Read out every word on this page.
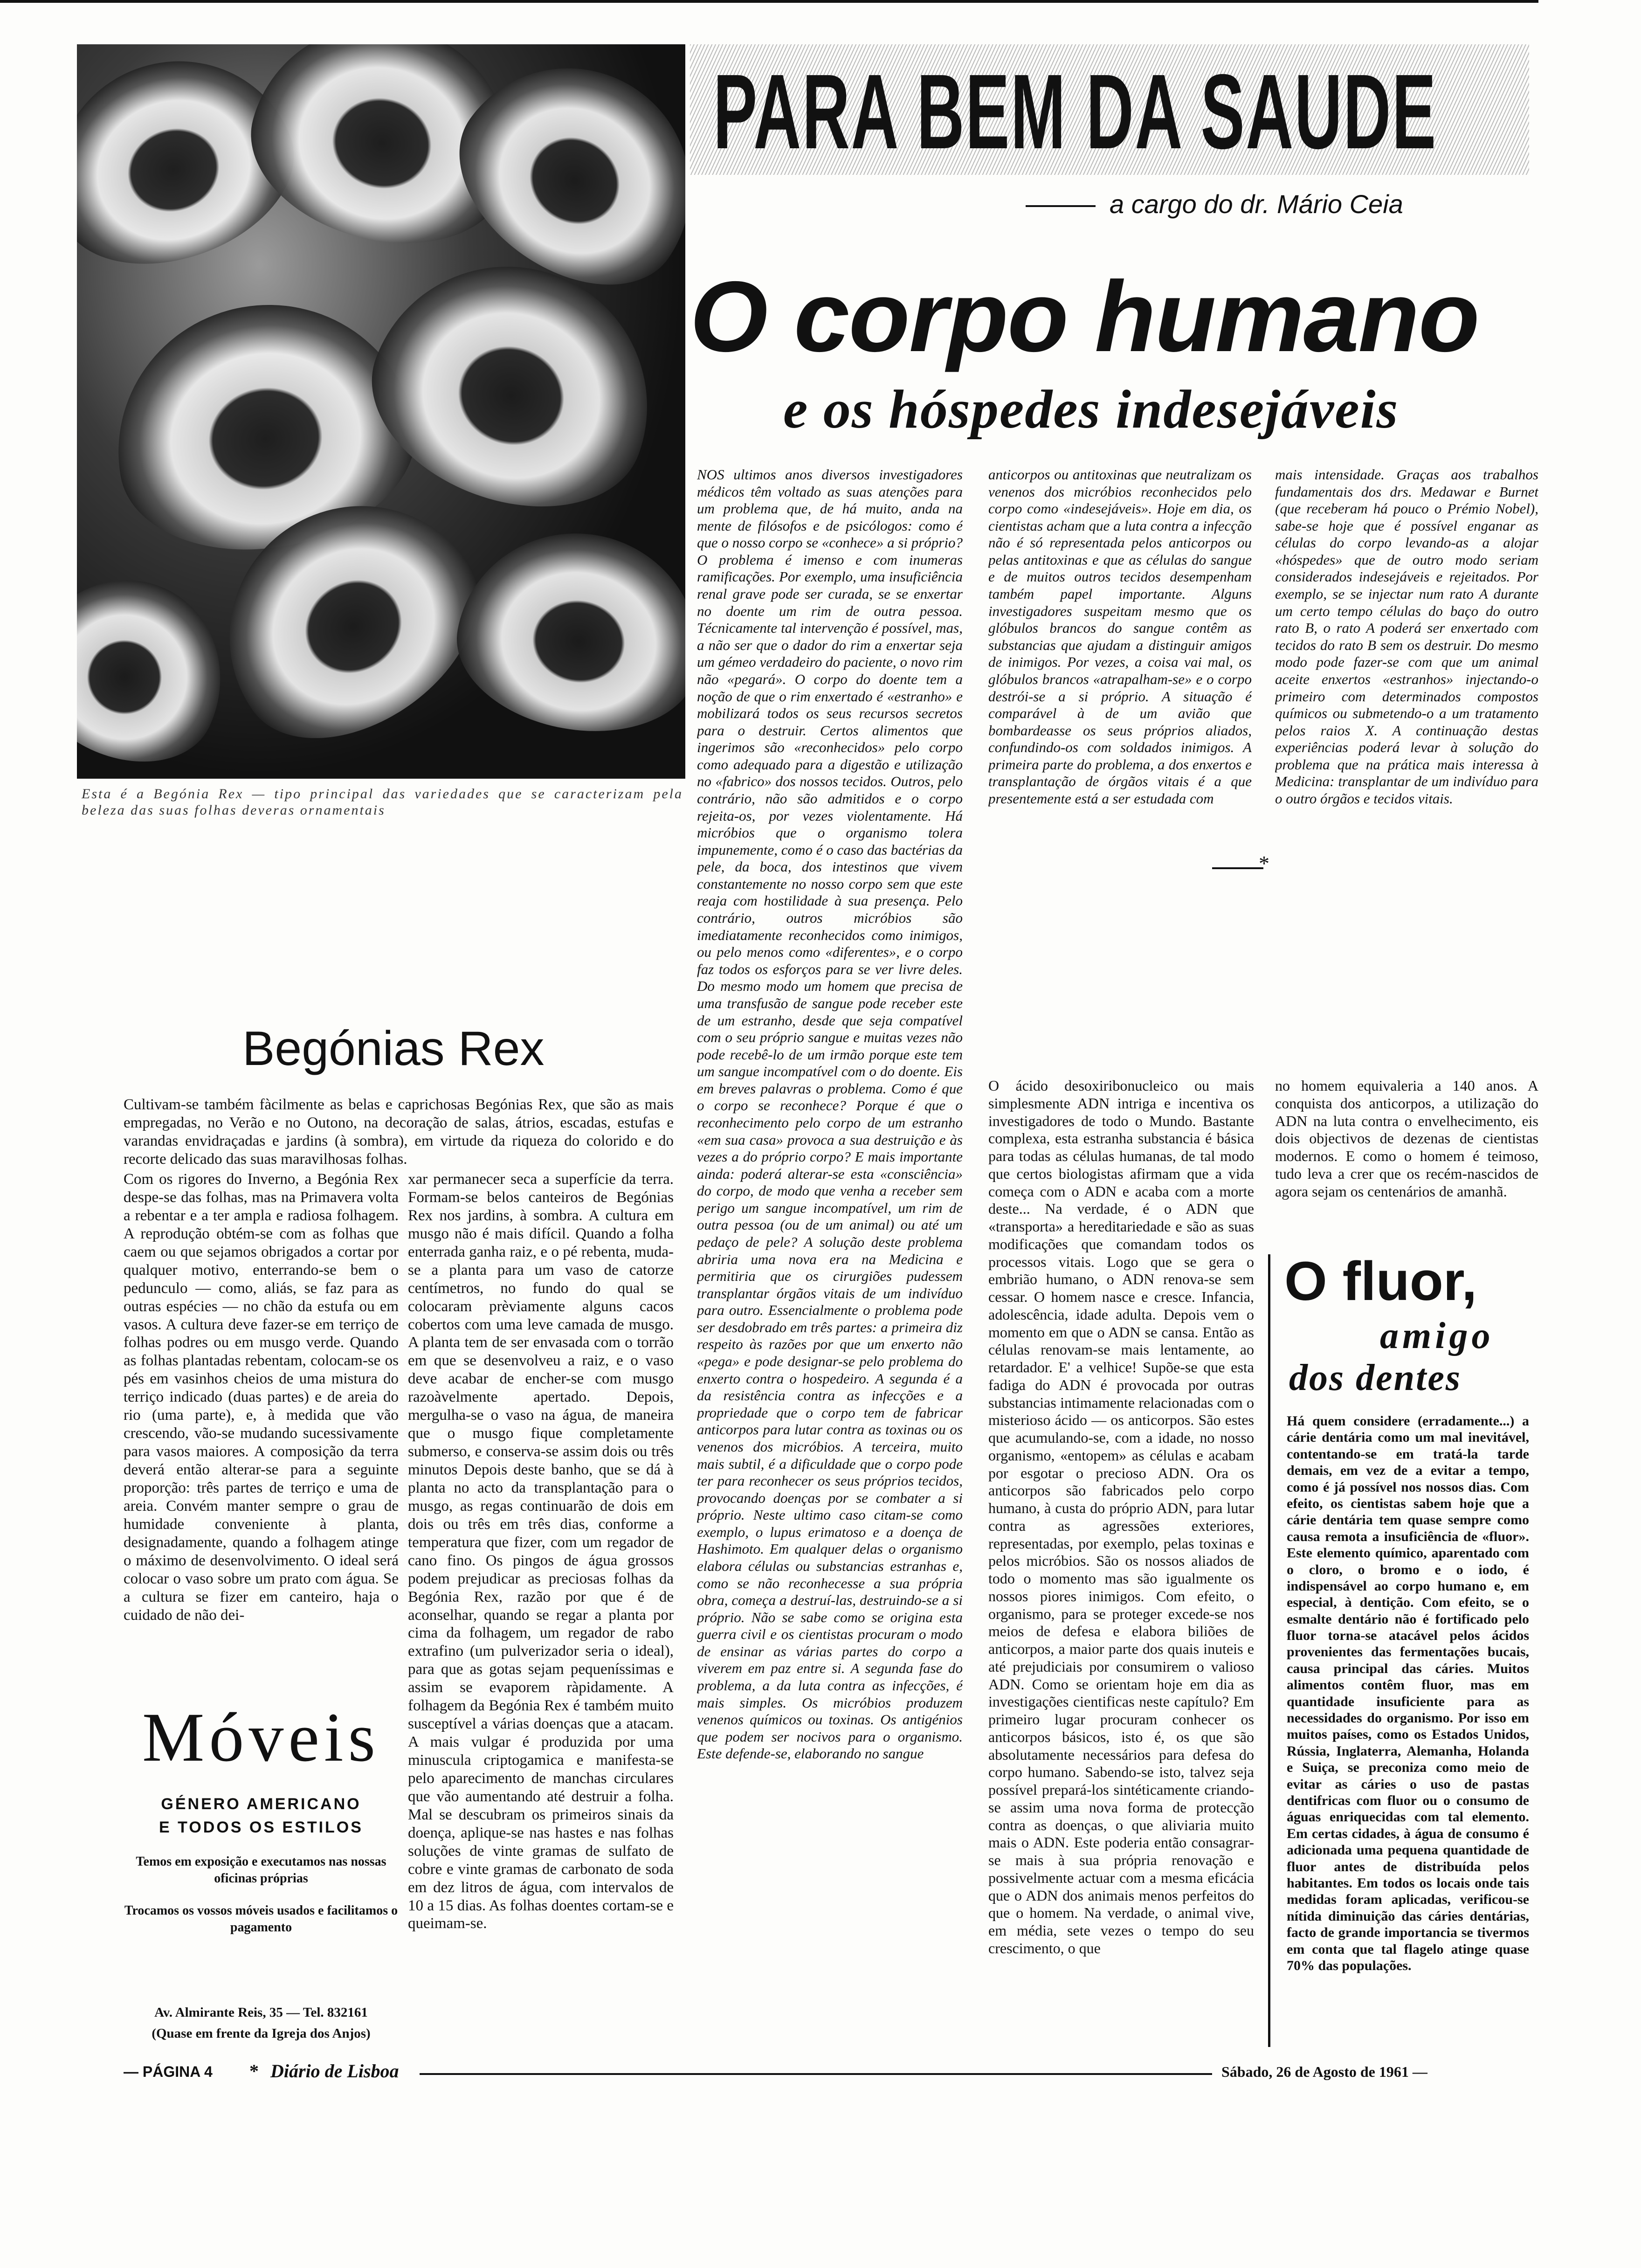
Esta é a Begónia Rex — tipo principal das variedades que se caracterizam pela beleza das suas folhas deveras ornamentais
PARA BEM DA SAUDE
a cargo do dr. Mário Ceia
O corpo humano
e os hóspedes indesejáveis
NOS ultimos anos diversos investigadores médicos têm voltado as suas atenções para um problema que, de há muito, anda na mente de filósofos e de psicólogos: como é que o nosso corpo se «conhece» a si próprio? O problema é imenso e com inumeras ramificações. Por exemplo, uma insuficiência renal grave pode ser curada, se se enxertar no doente um rim de outra pessoa. Técnicamente tal intervenção é possível, mas, a não ser que o dador do rim a enxertar seja um gémeo verdadeiro do paciente, o novo rim não «pegará». O corpo do doente tem a noção de que o rim enxertado é «estranho» e mobilizará todos os seus recursos secretos para o destruir. Certos alimentos que ingerimos são «reconhecidos» pelo corpo como adequado para a digestão e utilização no «fabrico» dos nossos tecidos. Outros, pelo contrário, não são admitidos e o corpo rejeita-os, por vezes violentamente. Há micróbios que o organismo tolera impunemente, como é o caso das bactérias da pele, da boca, dos intestinos que vivem constantemente no nosso corpo sem que este reaja com hostilidade à sua presença. Pelo contrário, outros micróbios são imediatamente reconhecidos como inimigos, ou pelo menos como «diferentes», e o corpo faz todos os esforços para se ver livre deles. Do mesmo modo um homem que precisa de uma transfusão de sangue pode receber este de um estranho, desde que seja compatível com o seu próprio sangue e muitas vezes não pode recebê-lo de um irmão porque este tem um sangue incompatível com o do doente. Eis em breves palavras o problema. Como é que o corpo se reconhece? Porque é que o reconhecimento pelo corpo de um estranho «em sua casa» provoca a sua destruição e às vezes a do próprio corpo? E mais importante ainda: poderá alterar-se esta «consciência» do corpo, de modo que venha a receber sem perigo um sangue incompatível, um rim de outra pessoa (ou de um animal) ou até um pedaço de pele? A solução deste problema abriria uma nova era na Medicina e permitiria que os cirurgiões pudessem transplantar órgãos vitais de um indivíduo para outro. Essencialmente o problema pode ser desdobrado em três partes: a primeira diz respeito às razões por que um enxerto não «pega» e pode designar-se pelo problema do enxerto contra o hospedeiro. A segunda é a da resistência contra as infecções e a propriedade que o corpo tem de fabricar anticorpos para lutar contra as toxinas ou os venenos dos micróbios. A terceira, muito mais subtil, é a dificuldade que o corpo pode ter para reconhecer os seus próprios tecidos, provocando doenças por se combater a si próprio. Neste ultimo caso citam-se como exemplo, o lupus erimatoso e a doença de Hashimoto. Em qualquer delas o organismo elabora células ou substancias estranhas e, como se não reconhecesse a sua própria obra, começa a destruí-las, destruindo-se a si próprio. Não se sabe como se origina esta guerra civil e os cientistas procuram o modo de ensinar as várias partes do corpo a viverem em paz entre si. A segunda fase do problema, a da luta contra as infecções, é mais simples. Os micróbios produzem venenos químicos ou toxinas. Os antigénios que podem ser nocivos para o organismo. Este defende-se, elaborando no sangue
anticorpos ou antitoxinas que neutralizam os venenos dos micróbios reconhecidos pelo corpo como «indesejáveis». Hoje em dia, os cientistas acham que a luta contra a infecção não é só representada pelos anticorpos ou pelas antitoxinas e que as células do sangue e de muitos outros tecidos desempenham também papel importante. Alguns investigadores suspeitam mesmo que os glóbulos brancos do sangue contêm as substancias que ajudam a distinguir amigos de inimigos. Por vezes, a coisa vai mal, os glóbulos brancos «atrapalham-se» e o corpo destrói-se a si próprio. A situação é comparável à de um avião que bombardeasse os seus próprios aliados, confundindo-os com soldados inimigos. A primeira parte do problema, a dos enxertos e transplantação de órgãos vitais é a que presentemente está a ser estudada com
mais intensidade. Graças aos trabalhos fundamentais dos drs. Medawar e Burnet (que receberam há pouco o Prémio Nobel), sabe-se hoje que é possível enganar as células do corpo levando-as a alojar «hóspedes» que de outro modo seriam considerados indesejáveis e rejeitados. Por exemplo, se se injectar num rato A durante um certo tempo células do baço do outro rato B, o rato A poderá ser enxertado com tecidos do rato B sem os destruir. Do mesmo modo pode fazer-se com que um animal aceite enxertos «estranhos» injectando-o primeiro com determinados compostos químicos ou submetendo-o a um tratamento pelos raios X. A continuação destas experiências poderá levar à solução do problema que na prática mais interessa à Medicina: transplantar de um indivíduo para o outro órgãos e tecidos vitais.
*
O ácido desoxiribonucleico ou mais simplesmente ADN intriga e incentiva os investigadores de todo o Mundo. Bastante complexa, esta estranha substancia é básica para todas as células humanas, de tal modo que certos biologistas afirmam que a vida começa com o ADN e acaba com a morte deste... Na verdade, é o ADN que «transporta» a hereditariedade e são as suas modificações que comandam todos os processos vitais. Logo que se gera o embrião humano, o ADN renova-se sem cessar. O homem nasce e cresce. Infancia, adolescência, idade adulta. Depois vem o momento em que o ADN se cansa. Então as células renovam-se mais lentamente, ao retardador. E' a velhice! Supõe-se que esta fadiga do ADN é provocada por outras substancias intimamente relacionadas com o misterioso ácido — os anticorpos. São estes que acumulando-se, com a idade, no nosso organismo, «entopem» as células e acabam por esgotar o precioso ADN. Ora os anticorpos são fabricados pelo corpo humano, à custa do próprio ADN, para lutar contra as agressões exteriores, representadas, por exemplo, pelas toxinas e pelos micróbios. São os nossos aliados de todo o momento mas são igualmente os nossos piores inimigos. Com efeito, o organismo, para se proteger excede-se nos meios de defesa e elabora biliões de anticorpos, a maior parte dos quais inuteis e até prejudiciais por consumirem o valioso ADN. Como se orientam hoje em dia as investigações cientificas neste capítulo? Em primeiro lugar procuram conhecer os anticorpos básicos, isto é, os que são absolutamente necessários para defesa do corpo humano. Sabendo-se isto, talvez seja possível prepará-los sintéticamente criando-se assim uma nova forma de protecção contra as doenças, o que aliviaria muito mais o ADN. Este poderia então consagrar-se mais à sua própria renovação e possivelmente actuar com a mesma eficácia que o ADN dos animais menos perfeitos do que o homem. Na verdade, o animal vive, em média, sete vezes o tempo do seu crescimento, o que
no homem equivaleria a 140 anos. A conquista dos anticorpos, a utilização do ADN na luta contra o envelhecimento, eis dois objectivos de dezenas de cientistas modernos. E como o homem é teimoso, tudo leva a crer que os recém-nascidos de agora sejam os centenários de amanhã.
O fluor,
amigo
dos dentes
Há quem considere (erradamente...) a cárie dentária como um mal inevitável, contentando-se em tratá-la tarde demais, em vez de a evitar a tempo, como é já possível nos nossos dias. Com efeito, os cientistas sabem hoje que a cárie dentária tem quase sempre como causa remota a insuficiência de «fluor». Este elemento químico, aparentado com o cloro, o bromo e o iodo, é indispensável ao corpo humano e, em especial, à dentição. Com efeito, se o esmalte dentário não é fortificado pelo fluor torna-se atacável pelos ácidos provenientes das fermentações bucais, causa principal das cáries. Muitos alimentos contêm fluor, mas em quantidade insuficiente para as necessidades do organismo. Por isso em muitos países, como os Estados Unidos, Rússia, Inglaterra, Alemanha, Holanda e Suiça, se preconiza como meio de evitar as cáries o uso de pastas dentifricas com fluor ou o consumo de águas enriquecidas com tal elemento. Em certas cidades, à água de consumo é adicionada uma pequena quantidade de fluor antes de distribuída pelos habitantes. Em todos os locais onde tais medidas foram aplicadas, verificou-se nítida diminuição das cáries dentárias, facto de grande importancia se tivermos em conta que tal flagelo atinge quase 70% das populações.
Begónias Rex
Cultivam-se também fàcilmente as belas e caprichosas Begónias Rex, que são as mais empregadas, no Verão e no Outono, na decoração de salas, átrios, escadas, estufas e varandas envidraçadas e jardins (à sombra), em virtude da riqueza do colorido e do recorte delicado das suas maravilhosas folhas.
Com os rigores do Inverno, a Begónia Rex despe-se das folhas, mas na Primavera volta a rebentar e a ter ampla e radiosa folhagem. A reprodução obtém-se com as folhas que caem ou que sejamos obrigados a cortar por qualquer motivo, enterrando-se bem o pedunculo — como, aliás, se faz para as outras espécies — no chão da estufa ou em vasos. A cultura deve fazer-se em terriço de folhas podres ou em musgo verde. Quando as folhas plantadas rebentam, colocam-se os pés em vasinhos cheios de uma mistura do terriço indicado (duas partes) e de areia do rio (uma parte), e, à medida que vão crescendo, vão-se mudando sucessivamente para vasos maiores. A composição da terra deverá então alterar-se para a seguinte proporção: três partes de terriço e uma de areia. Convém manter sempre o grau de humidade conveniente à planta, designadamente, quando a folhagem atinge o máximo de desenvolvimento. O ideal será colocar o vaso sobre um prato com água. Se a cultura se fizer em canteiro, haja o cuidado de não dei-
xar permanecer seca a superfície da terra. Formam-se belos canteiros de Begónias Rex nos jardins, à sombra. A cultura em musgo não é mais difícil. Quando a folha enterrada ganha raiz, e o pé rebenta, muda-se a planta para um vaso de catorze centímetros, no fundo do qual se colocaram prèviamente alguns cacos cobertos com uma leve camada de musgo. A planta tem de ser envasada com o torrão em que se desenvolveu a raiz, e o vaso deve acabar de encher-se com musgo razoàvelmente apertado. Depois, mergulha-se o vaso na água, de maneira que o musgo fique completamente submerso, e conserva-se assim dois ou três minutos Depois deste banho, que se dá à planta no acto da transplantação para o musgo, as regas continuarão de dois em dois ou três em três dias, conforme a temperatura que fizer, com um regador de cano fino. Os pingos de água grossos podem prejudicar as preciosas folhas da Begónia Rex, razão por que é de aconselhar, quando se regar a planta por cima da folhagem, um regador de rabo extrafino (um pulverizador seria o ideal), para que as gotas sejam pequeníssimas e assim se evaporem ràpidamente. A folhagem da Begónia Rex é também muito susceptível a várias doenças que a atacam. A mais vulgar é produzida por uma minuscula criptogamica e manifesta-se pelo aparecimento de manchas circulares que vão aumentando até destruir a folha. Mal se descubram os primeiros sinais da doença, aplique-se nas hastes e nas folhas soluções de vinte gramas de sulfato de cobre e vinte gramas de carbonato de soda em dez litros de água, com intervalos de 10 a 15 dias. As folhas doentes cortam-se e queimam-se.
Móveis
GÉNERO AMERICANO
E TODOS OS ESTILOS
Temos em exposição e executamos nas nossas oficinas próprias
Trocamos os vossos móveis usados e facilitamos o pagamento
Av. Almirante Reis, 35 — Tel. 832161
(Quase em frente da Igreja dos Anjos)
— PÁGINA 4 * Diário de Lisboa	Sábado, 26 de Agosto de 1961 —
